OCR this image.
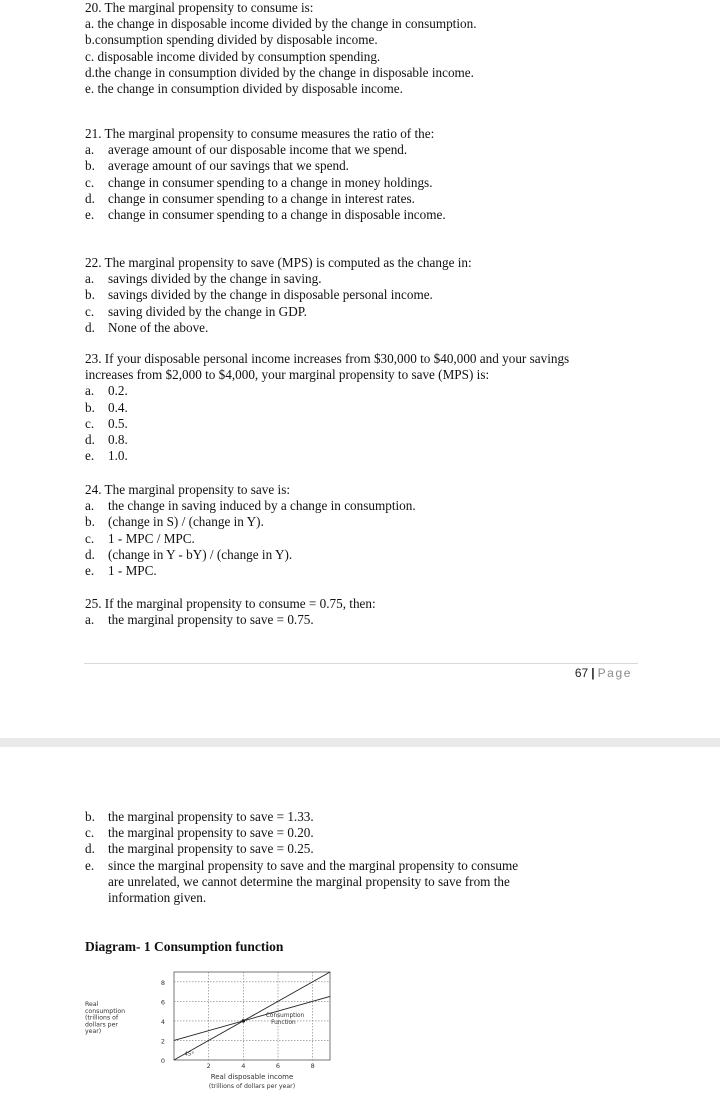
20. The marginal propensity to consume is:
a. the change in disposable income divided by the change in consumption.
b.consumption spending divided by disposable income.
c. disposable income divided by consumption spending.
d.the change in consumption divided by the change in disposable income.
e. the change in consumption divided by disposable income.
21. The marginal propensity to consume measures the ratio of the:
a.	average amount of our disposable income that we spend.
b. average amount of our savings that we spend.
c.	change in consumer spending to a change in money holdings.
d. change in consumer spending to a change in interest rates.
e.	change in consumer spending to a change in disposable income.
22. The marginal propensity to save (MPS) is computed as the change in:
a.	savings divided by the change in saving.
b. savings divided by the change in disposable personal income.
c.	saving divided by the change in GDP.
d. None of the above.
23. If your disposable personal income increases from $30,000 to $40,000 and your savings
increases from $2,000 to $4,000, your marginal propensity to save (MPS) is:
a.	0.2.
b. 0.4.
c.	0.5.
d. 0.8.
e.	1.0.
24. The marginal propensity to save is:
a.	the change in saving induced by a change in consumption.
b. (change in S) / (change in Y).
c.	1 - MPC / MPC.
d. (change in Y - bY) / (change in Y).
e.	1 - MPC.
25. If the marginal propensity to consume = 0.75, then:
a.	the marginal propensity to save = 0.75.
67 | Page
b. the marginal propensity to save = 1.33.
c.	the marginal propensity to save = 0.20.
d. the marginal propensity to save = 0.25.
e.	since the marginal propensity to save and the marginal propensity to consume are unrelated, we cannot determine the marginal propensity to save from the information given.
Diagram- 1 Consumption function
0
2
4
6
8
2	4	6	8
45°
Consumption
Function
Real
consumption
(trillions of
dollars per
year)
Real disposable income
(trillions of dollars per year)
